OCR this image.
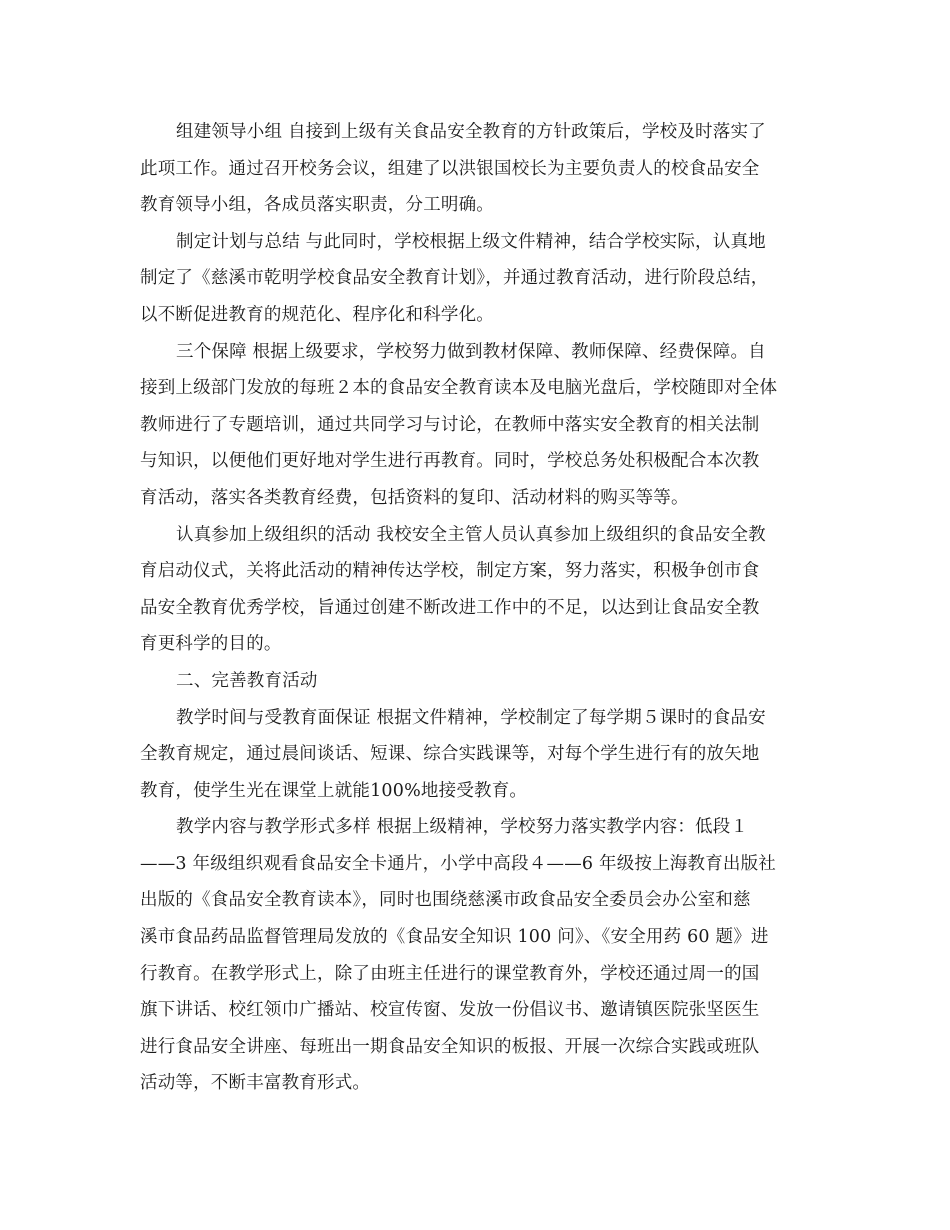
组建领导小组 自接到上级有关食品安全教育的方针政策后，学校及时落实了
此项工作。通过召开校务会议，组建了以洪银国校长为主要负责人的校食品安全
教育领导小组，各成员落实职责，分工明确。

制定计划与总结 与此同时，学校根据上级文件精神，结合学校实际，认真地
制定了《慈溪市乾明学校食品安全教育计划》，并通过教育活动，进行阶段总结，
以不断促进教育的规范化、程序化和科学化。

三个保障 根据上级要求，学校努力做到教材保障、教师保障、经费保障。自
接到上级部门发放的每班２本的食品安全教育读本及电脑光盘后，学校随即对全体
教师进行了专题培训，通过共同学习与讨论，在教师中落实安全教育的相关法制
与知识，以便他们更好地对学生进行再教育。同时，学校总务处积极配合本次教
育活动，落实各类教育经费，包括资料的复印、活动材料的购买等等。

认真参加上级组织的活动 我校安全主管人员认真参加上级组织的食品安全教
育启动仪式，关将此活动的精神传达学校，制定方案，努力落实，积极争创市食
品安全教育优秀学校，旨通过创建不断改进工作中的不足，以达到让食品安全教
育更科学的目的。

二、完善教育活动

教学时间与受教育面保证 根据文件精神，学校制定了每学期５课时的食品安
全教育规定，通过晨间谈话、短课、综合实践课等，对每个学生进行有的放矢地
教育，使学生光在课堂上就能100%地接受教育。

教学内容与教学形式多样 根据上级精神，学校努力落实教学内容：低段１
——3 年级组织观看食品安全卡通片，小学中高段４——6 年级按上海教育出版社
出版的《食品安全教育读本》，同时也围绕慈溪市政食品安全委员会办公室和慈
溪市食品药品监督管理局发放的《食品安全知识 100 问》、《安全用药 60 题》进
行教育。在教学形式上，除了由班主任进行的课堂教育外，学校还通过周一的国
旗下讲话、校红领巾广播站、校宣传窗、发放一份倡议书、邀请镇医院张坚医生
进行食品安全讲座、每班出一期食品安全知识的板报、开展一次综合实践或班队
活动等，不断丰富教育形式。
